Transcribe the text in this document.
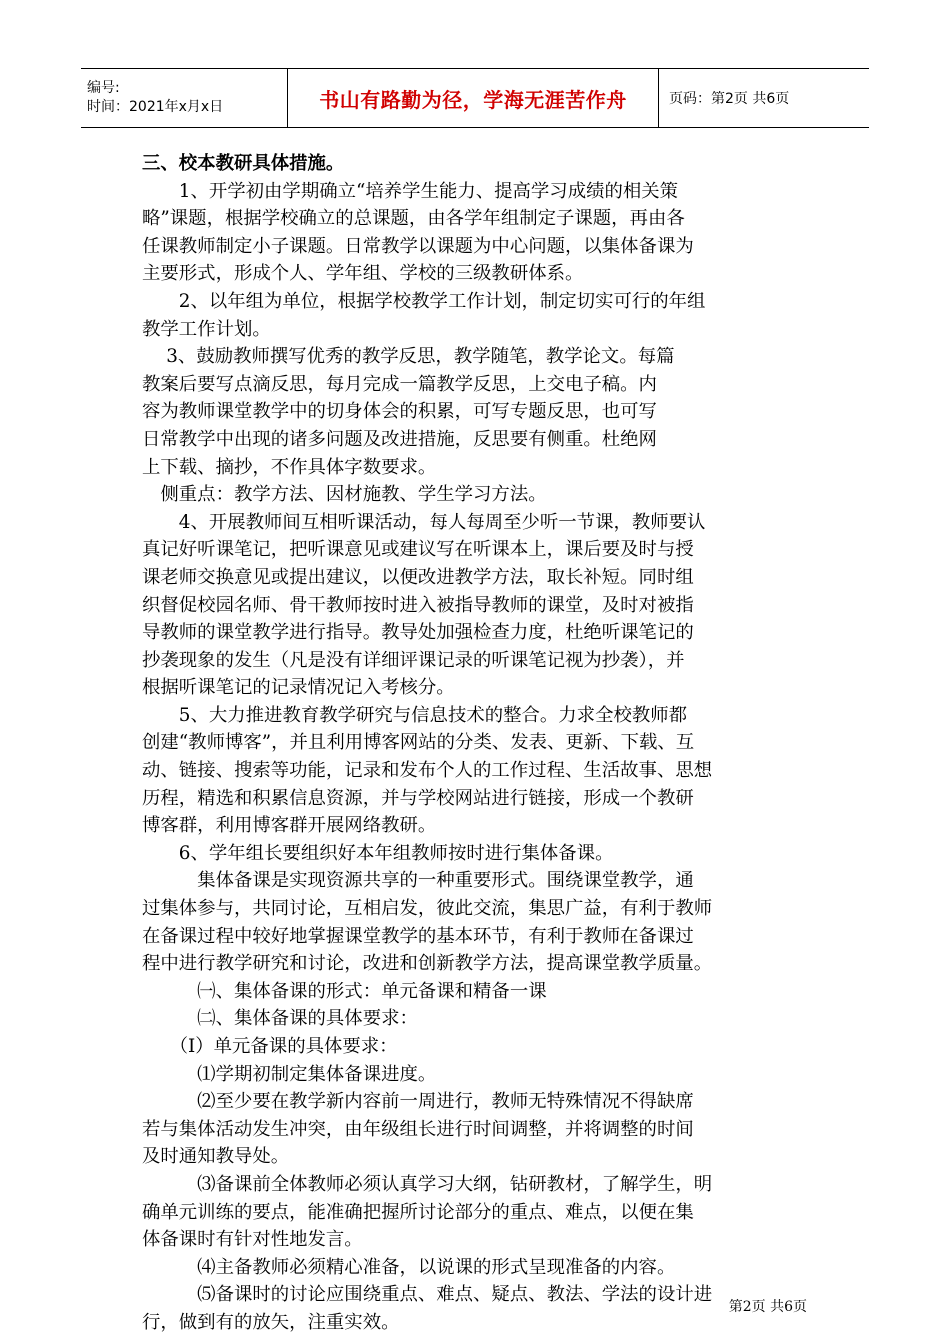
编号:
时间：2021年x月x日	书山有路勤为径，学海无涯苦作舟	页码：第2页 共6页

三、校本教研具体措施。

　　1、开学初由学期确立“培养学生能力、提高学习成绩的相关策

略”课题，根据学校确立的总课题，由各学年组制定子课题，再由各

任课教师制定小子课题。日常教学以课题为中心问题，以集体备课为

主要形式，形成个人、学年组、学校的三级教研体系。

　　2、以年组为单位，根据学校教学工作计划，制定切实可行的年组

教学工作计划。

　 3、鼓励教师撰写优秀的教学反思，教学随笔，教学论文。每篇

教案后要写点滴反思，每月完成一篇教学反思，上交电子稿。内

容为教师课堂教学中的切身体会的积累，可写专题反思，也可写

日常教学中出现的诸多问题及改进措施，反思要有侧重。杜绝网

上下载、摘抄，不作具体字数要求。

　侧重点：教学方法、因材施教、学生学习方法。

　　4、开展教师间互相听课活动，每人每周至少听一节课，教师要认

真记好听课笔记，把听课意见或建议写在听课本上，课后要及时与授

课老师交换意见或提出建议，以便改进教学方法，取长补短。同时组

织督促校园名师、骨干教师按时进入被指导教师的课堂，及时对被指

导教师的课堂教学进行指导。教导处加强检查力度，杜绝听课笔记的

抄袭现象的发生（凡是没有详细评课记录的听课笔记视为抄袭），并

根据听课笔记的记录情况记入考核分。

　　5、大力推进教育教学研究与信息技术的整合。力求全校教师都

创建“教师博客”，并且利用博客网站的分类、发表、更新、下载、互

动、链接、搜索等功能，记录和发布个人的工作过程、生活故事、思想

历程，精选和积累信息资源，并与学校网站进行链接，形成一个教研

博客群，利用博客群开展网络教研。

　　6、学年组长要组织好本年组教师按时进行集体备课。

　　　集体备课是实现资源共享的一种重要形式。围绕课堂教学，通

过集体参与，共同讨论，互相启发，彼此交流，集思广益，有利于教师

在备课过程中较好地掌握课堂教学的基本环节，有利于教师在备课过

程中进行教学研究和讨论，改进和创新教学方法，提高课堂教学质量。

　　　㈠、集体备课的形式：单元备课和精备一课

　　　㈡、集体备课的具体要求：

　　（Ⅰ）单元备课的具体要求：

　　　⑴学期初制定集体备课进度。

　　　⑵至少要在教学新内容前一周进行，教师无特殊情况不得缺席

若与集体活动发生冲突，由年级组长进行时间调整，并将调整的时间

及时通知教导处。

　　　⑶备课前全体教师必须认真学习大纲，钻研教材，了解学生，明

确单元训练的要点，能准确把握所讨论部分的重点、难点，以便在集

体备课时有针对性地发言。

　　　⑷主备教师必须精心准备，以说课的形式呈现准备的内容。

　　　⑸备课时的讨论应围绕重点、难点、疑点、教法、学法的设计进

行，做到有的放矢，注重实效。

第2页 共6页
